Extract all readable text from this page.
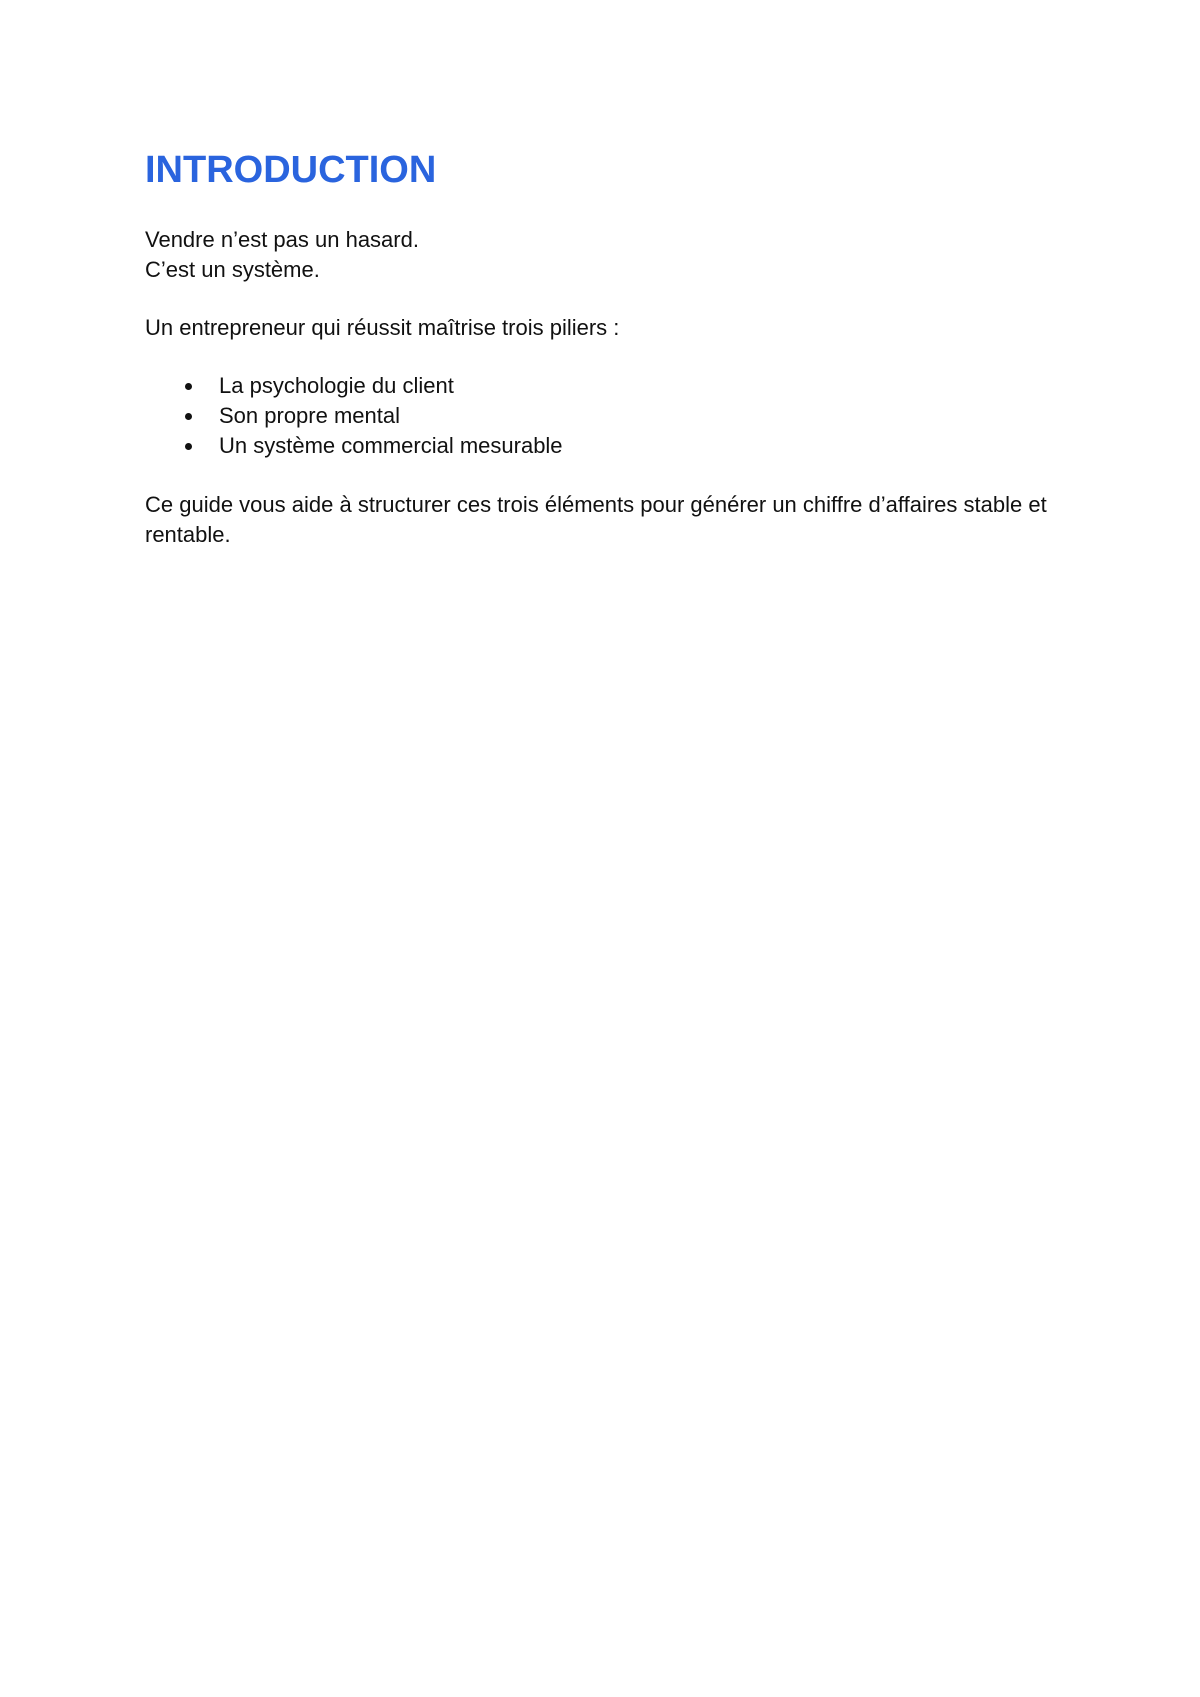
INTRODUCTION
Vendre n’est pas un hasard.
C’est un système.
Un entrepreneur qui réussit maîtrise trois piliers :
La psychologie du client
Son propre mental
Un système commercial mesurable
Ce guide vous aide à structurer ces trois éléments pour générer un chiffre d’affaires stable et rentable.
